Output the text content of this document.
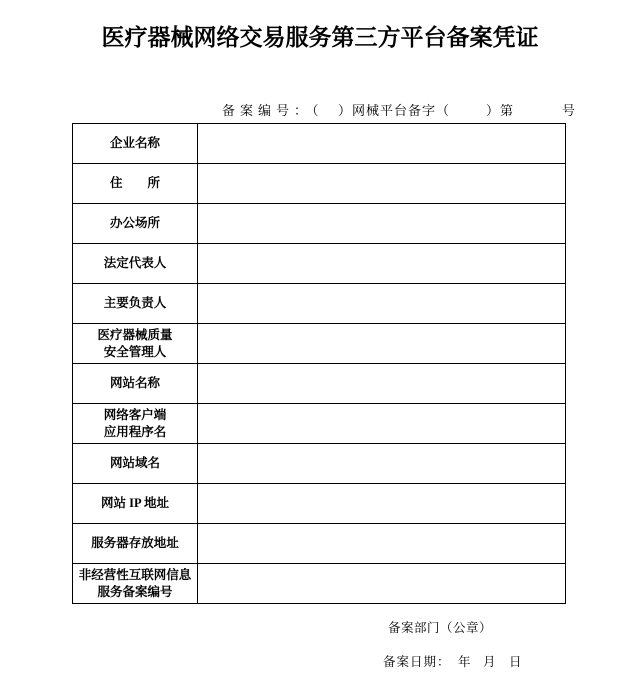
医疗器械网络交易服务第三方平台备案凭证
备案编号：（ ）网械平台备字（	）第	号
企业名称	

住　　所	

办公场所	

法定代表人	

主要负责人	

医疗器械质量
安全管理人	

网站名称	

网络客户端
应用程序名	

网站域名	

网站 IP 地址	

服务器存放地址	

非经营性互联网信息
服务备案编号	

备案部门（公章）
备案日期： 年 月 日
